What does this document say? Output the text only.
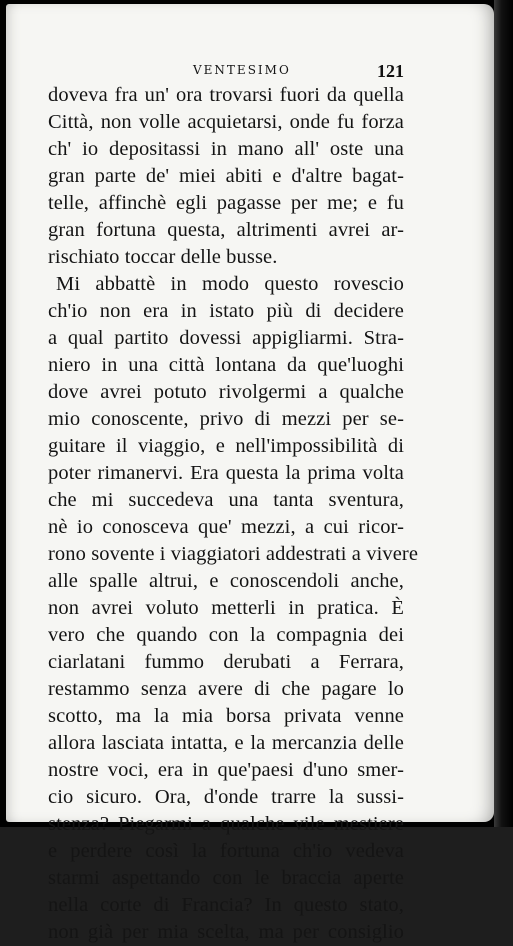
VENTESIMO	121
doveva fra un' ora trovarsi fuori da quella
Città, non volle acquietarsi, onde fu forza
ch' io depositassi in mano all' oste una
gran parte de' miei abiti e d'altre bagat-
telle, affinchè egli pagasse per me; e fu
gran fortuna questa, altrimenti avrei ar-
rischiato toccar delle busse.
Mi abbattè in modo questo rovescio
ch'io non era in istato più di decidere
a qual partito dovessi appigliarmi. Stra-
niero in una città lontana da que'luoghi
dove avrei potuto rivolgermi a qualche
mio conoscente, privo di mezzi per se-
guitare il viaggio, e nell'impossibilità di
poter rimanervi. Era questa la prima volta
che mi succedeva una tanta sventura,
nè io conosceva que' mezzi, a cui ricor-
rono sovente i viaggiatori addestrati a vivere
alle spalle altrui, e conoscendoli anche,
non avrei voluto metterli in pratica. È
vero che quando con la compagnia dei
ciarlatani fummo derubati a Ferrara,
restammo senza avere di che pagare lo
scotto, ma la mia borsa privata venne
allora lasciata intatta, e la mercanzia delle
nostre voci, era in que'paesi d'uno smer-
cio sicuro. Ora, d'onde trarre la sussi-
stenza? Piegarmi a qualche vile mestiere
e perdere così la fortuna ch'io vedeva
starmi aspettando con le braccia aperte
nella corte di Francia? In questo stato,
non già per mia scelta, ma per consiglio
